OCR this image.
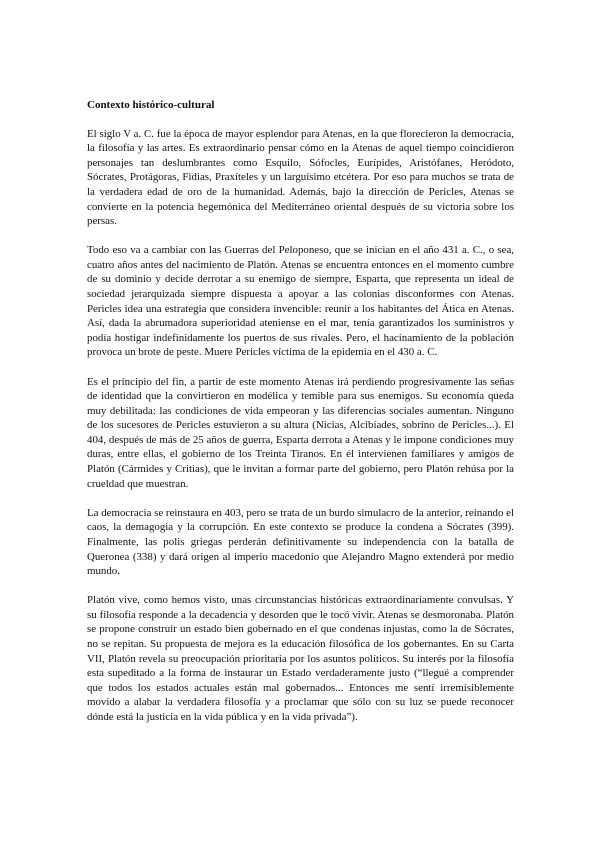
Contexto histórico-cultural

El siglo V a. C. fue la época de mayor esplendor para Atenas, en la que florecieron la democracia, la filosofía y las artes. Es extraordinario pensar cómo en la Atenas de aquel tiempo coincidieron personajes tan deslumbrantes como Esquilo, Sófocles, Eurípides, Aristófanes, Heródoto, Sócrates, Protágoras, Fidias, Praxíteles y un larguísimo etcétera. Por eso para muchos se trata de la verdadera edad de oro de la humanidad. Además, bajo la dirección de Pericles, Atenas se convierte en la potencia hegemónica del Mediterráneo oriental después de su victoria sobre los persas.

Todo eso va a cambiar con las Guerras del Peloponeso, que se inician en el año 431 a. C., o sea, cuatro años antes del nacimiento de Platón. Atenas se encuentra entonces en el momento cumbre de su dominio y decide derrotar a su enemigo de siempre, Esparta, que representa un ideal de sociedad jerarquizada siempre dispuesta a apoyar a las colonias disconformes con Atenas. Pericles idea una estrategia que considera invencible: reunir a los habitantes del Ática en Atenas. Así, dada la abrumadora superioridad ateniense en el mar, tenía garantizados los suministros y podía hostigar indefinidamente los puertos de sus rivales. Pero, el hacinamiento de la población provoca un brote de peste. Muere Pericles víctima de la epidemia en el 430 a. C.

Es el principio del fin, a partir de este momento Atenas irá perdiendo progresivamente las señas de identidad que la convirtieron en modélica y temible para sus enemigos. Su economía queda muy debilitada: las condiciones de vida empeoran y las diferencias sociales aumentan. Ninguno de los sucesores de Pericles estuvieron a su altura (Nicias, Alcibíades, sobrino de Pericles...). El 404, después de más de 25 años de guerra, Esparta derrota a Atenas y le impone condiciones muy duras, entre ellas, el gobierno de los Treinta Tiranos. En él intervienen familiares y amigos de Platón (Cármides y Critias), que le invitan a formar parte del gobierno, pero Platón rehúsa por la crueldad que muestran.

La democracia se reinstaura en 403, pero se trata de un burdo simulacro de la anterior, reinando el caos, la demagogia y la corrupción. En este contexto se produce la condena a Sócrates (399). Finalmente, las polis griegas perderán definitivamente su independencia con la batalla de Queronea (338) y dará origen al imperio macedonio que Alejandro Magno extenderá por medio mundo.

Platón vive, como hemos visto, unas circunstancias históricas extraordinariamente convulsas. Y su filosofía responde a la decadencia y desorden que le tocó vivir. Atenas se desmoronaba. Platón se propone construir un estado bien gobernado en el que condenas injustas, como la de Sócrates, no se repitan. Su propuesta de mejora es la educación filosófica de los gobernantes. En su Carta VII, Platón revela su preocupación prioritaria por los asuntos políticos. Su interés por la filosofía esta supeditado a la forma de instaurar un Estado verdaderamente justo (“llegué a comprender que todos los estados actuales están mal gobernados... Entonces me sentí irremisiblemente movido a alabar la verdadera filosofía y a proclamar que sólo con su luz se puede reconocer dónde está la justicia en la vida pública y en la vida privada”).
